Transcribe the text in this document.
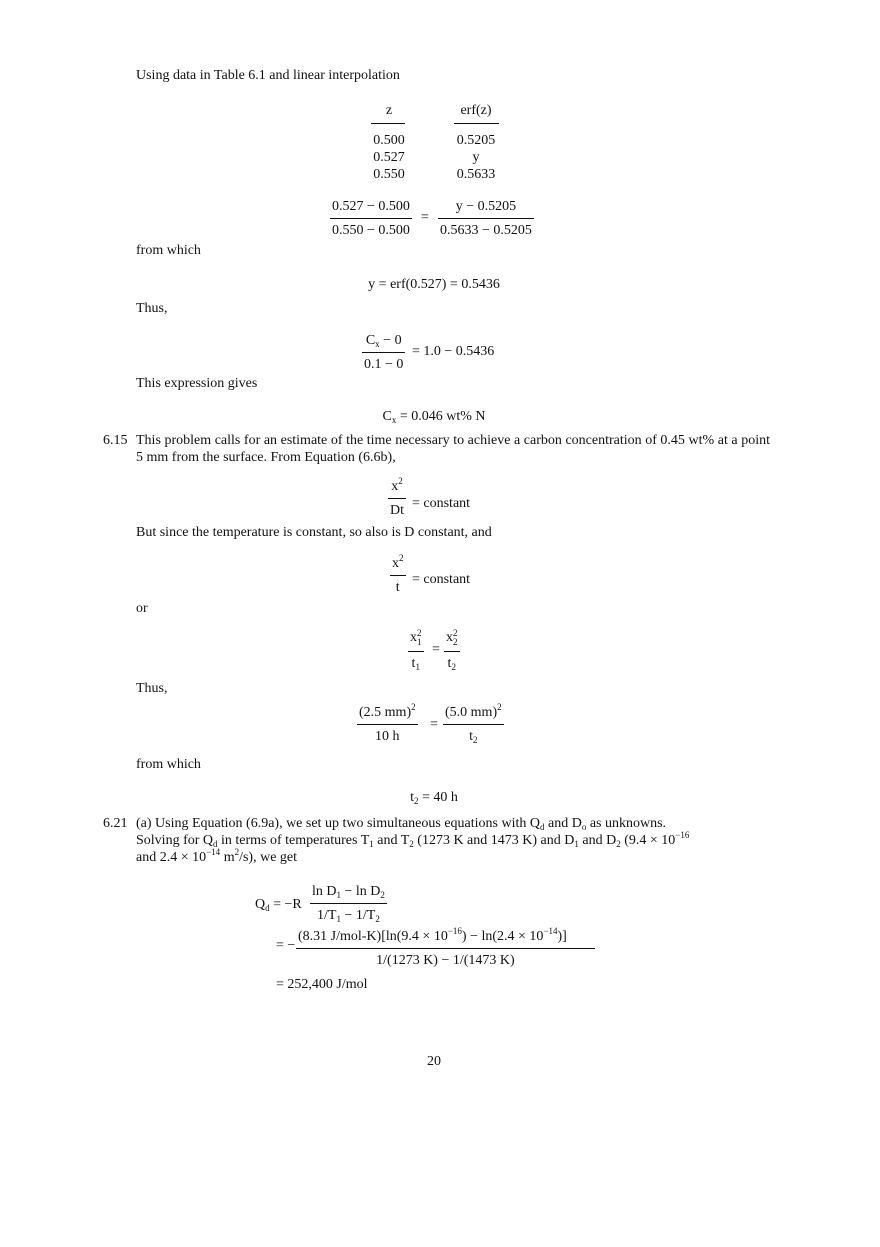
Using data in Table 6.1 and linear interpolation
z	erf(z)
0.500	0.5205
0.527	y
0.550	0.5633
$\frac{0.527 - 0.500}{0.550 - 0.500} = \frac{y - 0.5205}{0.5633 - 0.5205}$
from which
y = erf(0.527) = 0.5436
Thus,
$\frac{C_x - 0}{0.1 - 0} = 1.0 - 0.5436$
This expression gives
$C_x = 0.046$ wt% N
6.15 This problem calls for an estimate of the time necessary to achieve a carbon concentration of 0.45 wt% at a point 5 mm from the surface. From Equation (6.6b),
$\frac{x^2}{Dt}$ = constant
But since the temperature is constant, so also is D constant, and
$\frac{x^2}{t}$ = constant
or
x 2
1
$t_1 = x$ 2
2
$t_2$
Thus,
$\frac{(2.5 mm)^2}{10 h} = \frac{(5.0 mm)^2}{t_2}$
from which
$t_2 = 40$ h
6.21 (a) Using Equation (6.9a), we set up two simultaneous equations with $Q_d$ and $D_o$ as unknowns.
Solving for $Q_d$ in terms of temperatures $T_1$ and $T_2$ (1273 K and 1473 K) and $D_1$ and $D_2$ ($9.4 \times 10^{-16}$
and $2.4 \times 10^{-14}$ $m^2/s$), we get
$Q_d = -R \frac{\ln D_1 - \ln D_2}{1/T_1 - 1/T_2}$
= −
(8.31 $J/mol-K)[\ln(9.4 \times 10^{-16}) - \ln(2.4 \times 10^{-14})]$
1/(1273 K) − 1/(1473 K)
= 252,400 J/mol
20
